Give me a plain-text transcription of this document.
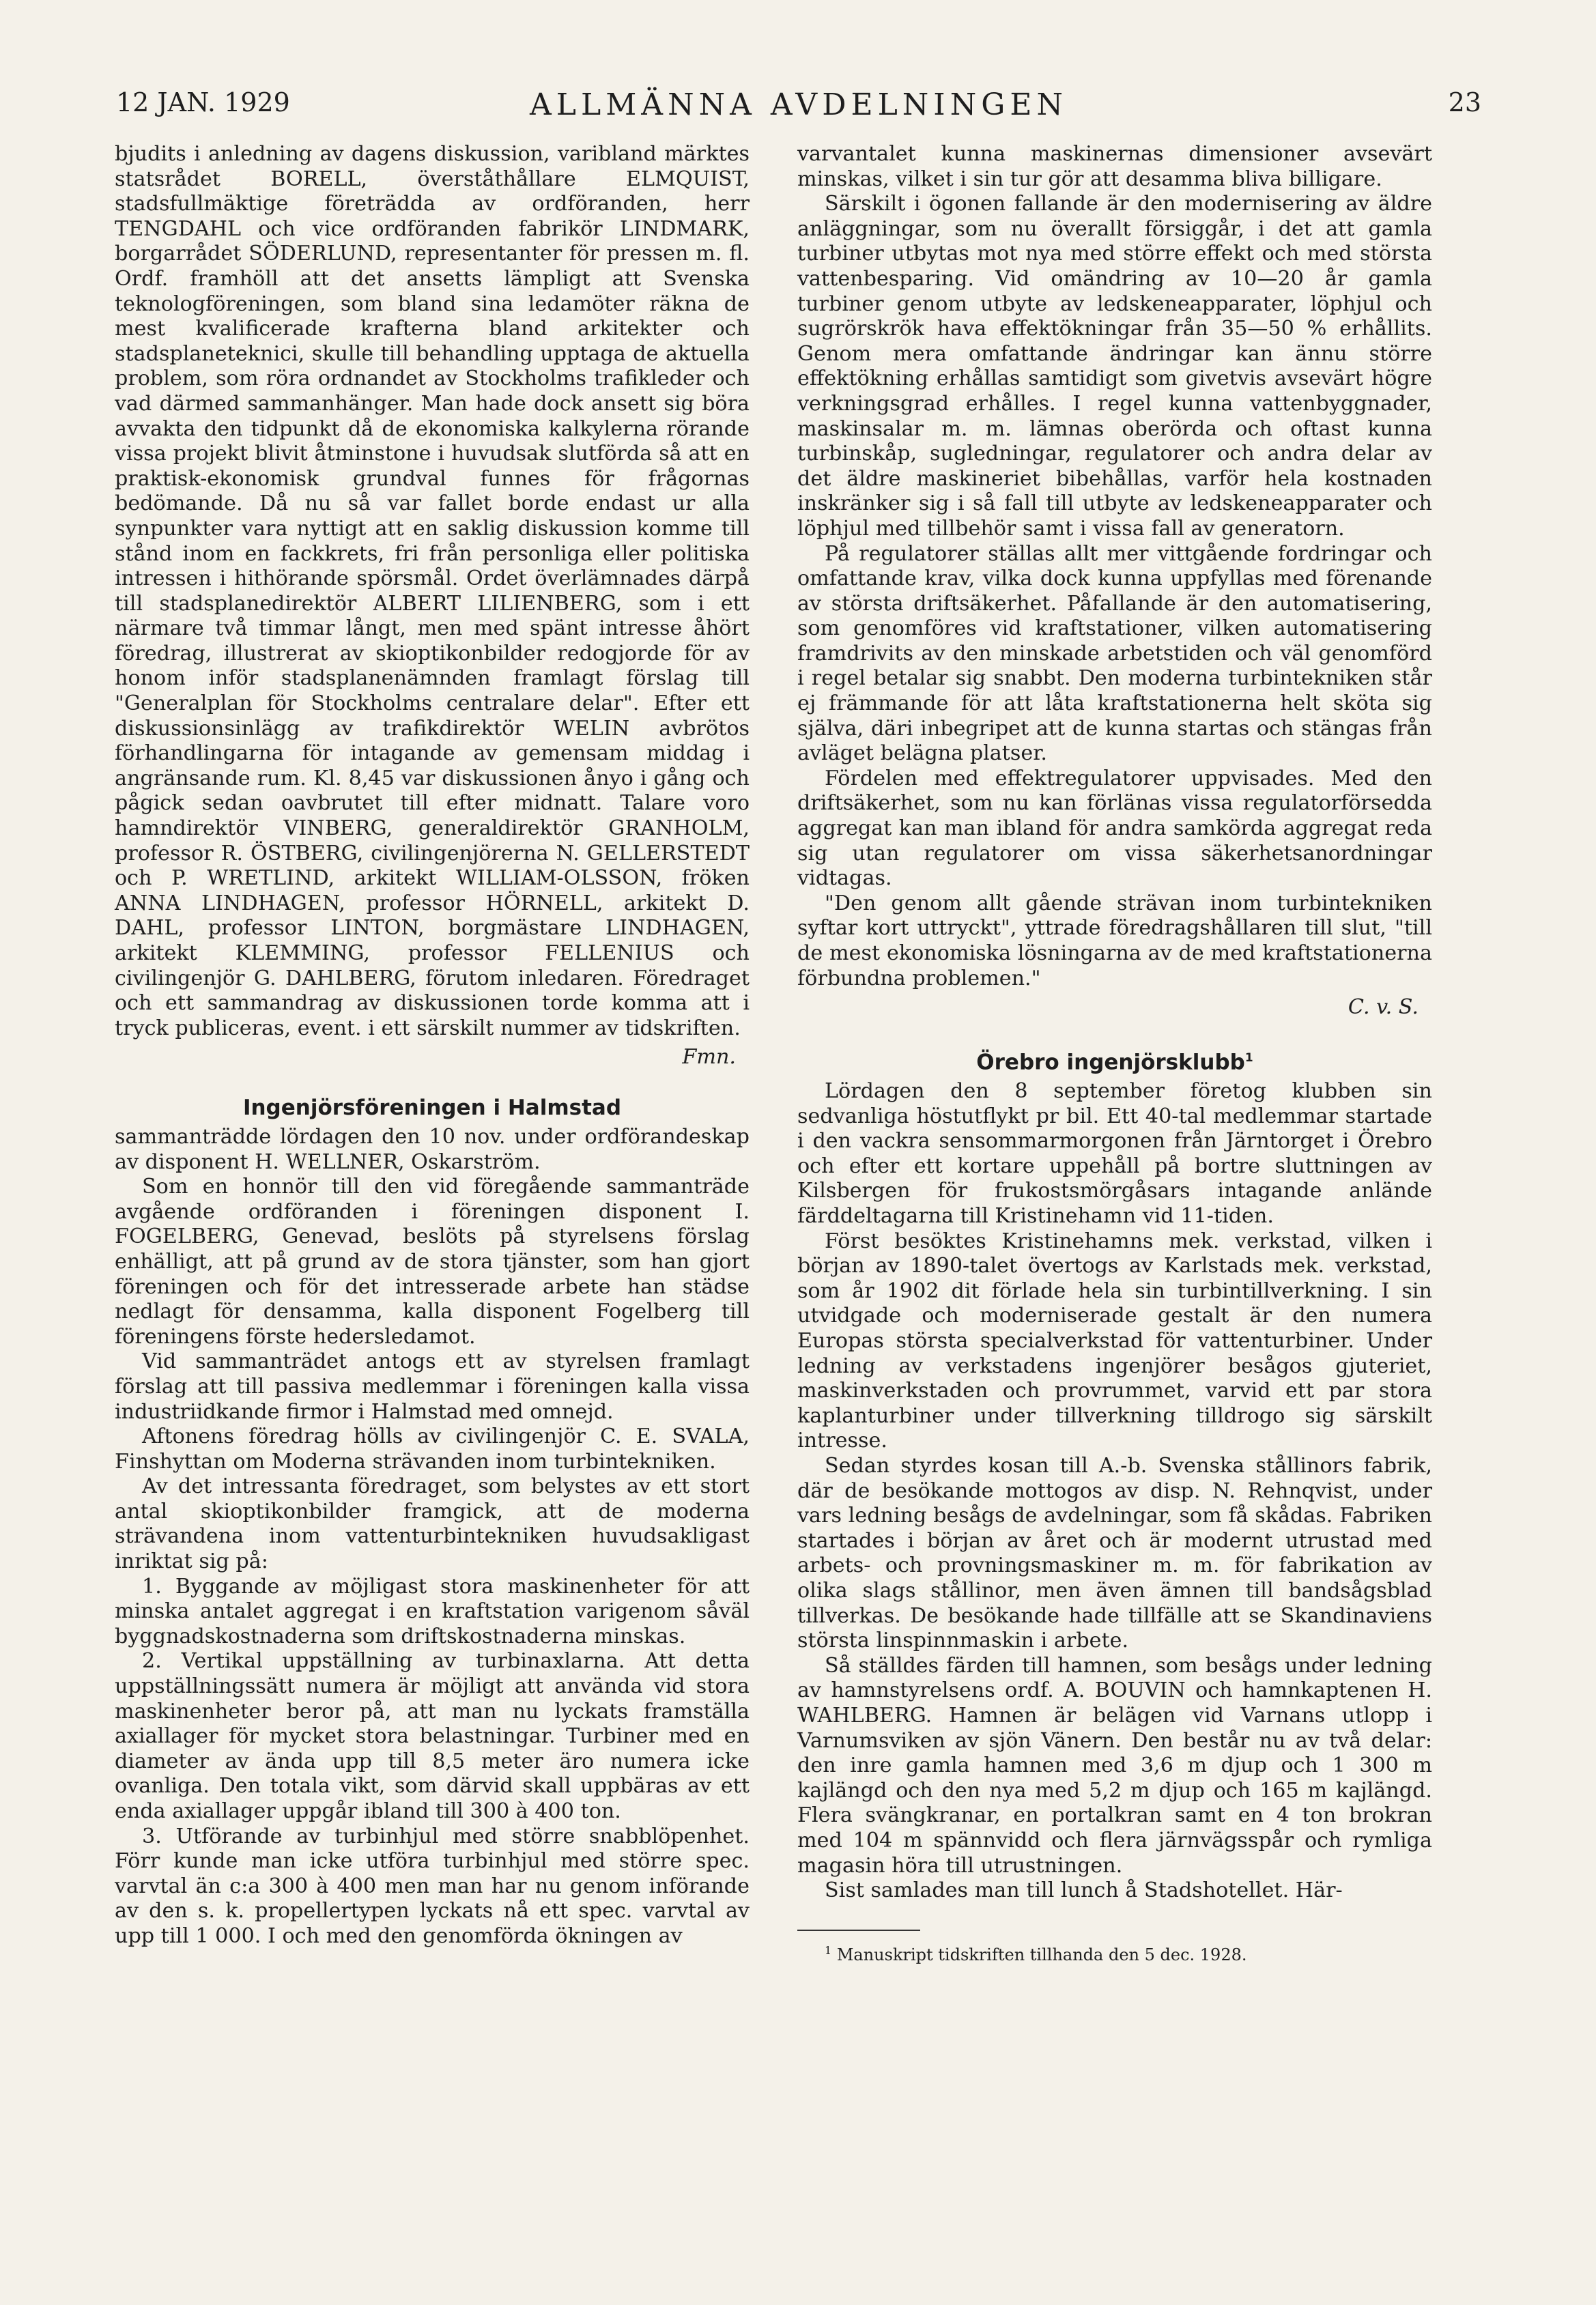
12 JAN. 1929	ALLMÄNNA AVDELNINGEN	23

bjudits i anledning av dagens diskussion, varibland märktes statsrådet BORELL, överståthållare ELMQUIST, stadsfullmäktige företrädda av ordföranden, herr TENGDAHL och vice ordföranden fabrikör LINDMARK, borgarrådet SÖDERLUND, representanter för pressen m. fl. Ordf. framhöll att det ansetts lämpligt att Svenska teknologföreningen, som bland sina ledamöter räkna de mest kvalificerade krafterna bland arkitekter och stadsplaneteknici, skulle till behandling upptaga de aktuella problem, som röra ordnandet av Stockholms trafikleder och vad därmed sammanhänger. Man hade dock ansett sig böra avvakta den tidpunkt då de ekonomiska kalkylerna rörande vissa projekt blivit åtminstone i huvudsak slutförda så att en praktisk-ekonomisk grundval funnes för frågornas bedömande. Då nu så var fallet borde endast ur alla synpunkter vara nyttigt att en saklig diskussion komme till stånd inom en fackkrets, fri från personliga eller politiska intressen i hithörande spörsmål. Ordet överlämnades därpå till stadsplanedirektör ALBERT LILIENBERG, som i ett närmare två timmar långt, men med spänt intresse åhört föredrag, illustrerat av skioptikonbilder redogjorde för av honom inför stadsplanenämnden framlagt förslag till "Generalplan för Stockholms centralare delar". Efter ett diskussionsinlägg av trafikdirektör WELIN avbrötos förhandlingarna för intagande av gemensam middag i angränsande rum. Kl. 8,45 var diskussionen ånyo i gång och pågick sedan oavbrutet till efter midnatt. Talare voro hamndirektör VINBERG, generaldirektör GRANHOLM, professor R. ÖSTBERG, civilingenjörerna N. GELLERSTEDT och P. WRETLIND, arkitekt WILLIAM-OLSSON, fröken ANNA LINDHAGEN, professor HÖRNELL, arkitekt D. DAHL, professor LINTON, borgmästare LINDHAGEN, arkitekt KLEMMING, professor FELLENIUS och civilingenjör G. DAHLBERG, förutom inledaren. Föredraget och ett sammandrag av diskussionen torde komma att i tryck publiceras, event. i ett särskilt nummer av tidskriften.

Fmn.

Ingenjörsföreningen i Halmstad

sammanträdde lördagen den 10 nov. under ordförandeskap av disponent H. WELLNER, Oskarström.

Som en honnör till den vid föregående sammanträde avgående ordföranden i föreningen disponent I. FOGELBERG, Genevad, beslöts på styrelsens förslag enhälligt, att på grund av de stora tjänster, som han gjort föreningen och för det intresserade arbete han städse nedlagt för densamma, kalla disponent Fogelberg till föreningens förste hedersledamot.

Vid sammanträdet antogs ett av styrelsen framlagt förslag att till passiva medlemmar i föreningen kalla vissa industriidkande firmor i Halmstad med omnejd.

Aftonens föredrag hölls av civilingenjör C. E. SVALA, Finshyttan om Moderna strävanden inom turbintekniken.

Av det intressanta föredraget, som belystes av ett stort antal skioptikonbilder framgick, att de moderna strävandena inom vattenturbintekniken huvudsakligast inriktat sig på:

1. Byggande av möjligast stora maskinenheter för att minska antalet aggregat i en kraftstation varigenom såväl byggnadskostnaderna som driftskostnaderna minskas.

2. Vertikal uppställning av turbinaxlarna. Att detta uppställningssätt numera är möjligt att använda vid stora maskinenheter beror på, att man nu lyckats framställa axiallager för mycket stora belastningar. Turbiner med en diameter av ända upp till 8,5 meter äro numera icke ovanliga. Den totala vikt, som därvid skall uppbäras av ett enda axiallager uppgår ibland till 300 à 400 ton.

3. Utförande av turbinhjul med större snabblöpenhet. Förr kunde man icke utföra turbinhjul med större spec. varvtal än c:a 300 à 400 men man har nu genom införande av den s. k. propellertypen lyckats nå ett spec. varvtal av upp till 1 000. I och med den genomförda ökningen av

varvantalet kunna maskinernas dimensioner avsevärt minskas, vilket i sin tur gör att desamma bliva billigare.

Särskilt i ögonen fallande är den modernisering av äldre anläggningar, som nu överallt försiggår, i det att gamla turbiner utbytas mot nya med större effekt och med största vattenbesparing. Vid omändring av 10—20 år gamla turbiner genom utbyte av ledskeneapparater, löphjul och sugrörskrök hava effektökningar från 35—50 % erhållits. Genom mera omfattande ändringar kan ännu större effektökning erhållas samtidigt som givetvis avsevärt högre verkningsgrad erhålles. I regel kunna vattenbyggnader, maskinsalar m. m. lämnas oberörda och oftast kunna turbinskåp, sugledningar, regulatorer och andra delar av det äldre maskineriet bibehållas, varför hela kostnaden inskränker sig i så fall till utbyte av ledskeneapparater och löphjul med tillbehör samt i vissa fall av generatorn.

På regulatorer ställas allt mer vittgående fordringar och omfattande krav, vilka dock kunna uppfyllas med förenande av största driftsäkerhet. Påfallande är den automatisering, som genomföres vid kraftstationer, vilken automatisering framdrivits av den minskade arbetstiden och väl genomförd i regel betalar sig snabbt. Den moderna turbintekniken står ej främmande för att låta kraftstationerna helt sköta sig själva, däri inbegripet att de kunna startas och stängas från avläget belägna platser.

Fördelen med effektregulatorer uppvisades. Med den driftsäkerhet, som nu kan förlänas vissa regulatorförsedda aggregat kan man ibland för andra samkörda aggregat reda sig utan regulatorer om vissa säkerhetsanordningar vidtagas.

"Den genom allt gående strävan inom turbintekniken syftar kort uttryckt", yttrade föredragshållaren till slut, "till de mest ekonomiska lösningarna av de med kraftstationerna förbundna problemen."

C. v. S.

Örebro ingenjörsklubb$^1$

Lördagen den 8 september företog klubben sin sedvanliga höstutflykt pr bil. Ett 40-tal medlemmar startade i den vackra sensommarmorgonen från Järntorget i Örebro och efter ett kortare uppehåll på bortre sluttningen av Kilsbergen för frukostsmörgåsars intagande anlände färddeltagarna till Kristinehamn vid 11-tiden.

Först besöktes Kristinehamns mek. verkstad, vilken i början av 1890-talet övertogs av Karlstads mek. verkstad, som år 1902 dit förlade hela sin turbintillverkning. I sin utvidgade och moderniserade gestalt är den numera Europas största specialverkstad för vattenturbiner. Under ledning av verkstadens ingenjörer besågos gjuteriet, maskinverkstaden och provrummet, varvid ett par stora kaplanturbiner under tillverkning tilldrogo sig särskilt intresse.

Sedan styrdes kosan till A.-b. Svenska stållinors fabrik, där de besökande mottogos av disp. N. Rehnqvist, under vars ledning besågs de avdelningar, som få skådas. Fabriken startades i början av året och är modernt utrustad med arbets- och provningsmaskiner m. m. för fabrikation av olika slags stållinor, men även ämnen till bandsågsblad tillverkas. De besökande hade tillfälle att se Skandinaviens största linspinnmaskin i arbete.

Så ställdes färden till hamnen, som besågs under ledning av hamnstyrelsens ordf. A. BOUVIN och hamnkaptenen H. WAHLBERG. Hamnen är belägen vid Varnans utlopp i Varnumsviken av sjön Vänern. Den består nu av två delar: den inre gamla hamnen med 3,6 m djup och 1 300 m kajlängd och den nya med 5,2 m djup och 165 m kajlängd. Flera svängkranar, en portalkran samt en 4 ton brokran med 104 m spännvidd och flera järnvägsspår och rymliga magasin höra till utrustningen.

Sist samlades man till lunch å Stadshotellet. Här-

$^1$ Manuskript tidskriften tillhanda den 5 dec. 1928.
